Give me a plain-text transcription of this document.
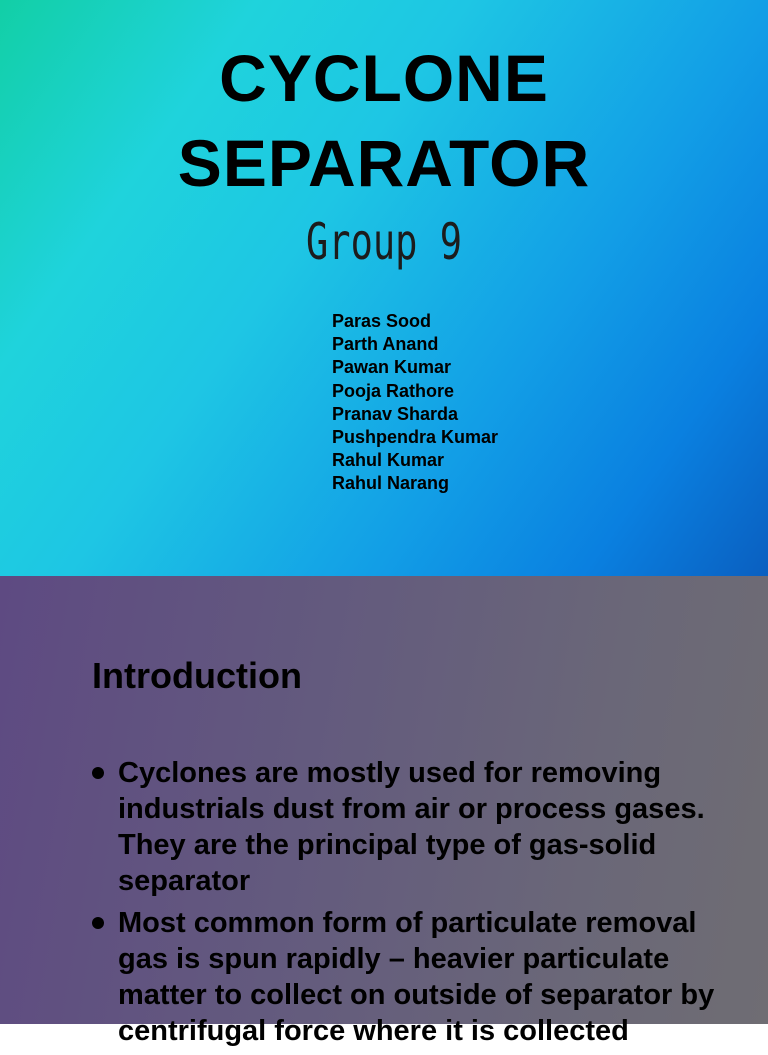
CYCLONE
SEPARATOR
Group 9
Paras Sood
Parth Anand
Pawan Kumar
Pooja Rathore
Pranav Sharda
Pushpendra Kumar
Rahul Kumar
Rahul Narang
Introduction
Cyclones are mostly used for removing industrials dust from air or process gases. They are the principal type of gas-solid separator
Most common form of particulate removal gas is spun rapidly – heavier particulate matter to collect on outside of separator by centrifugal force where it is collected
